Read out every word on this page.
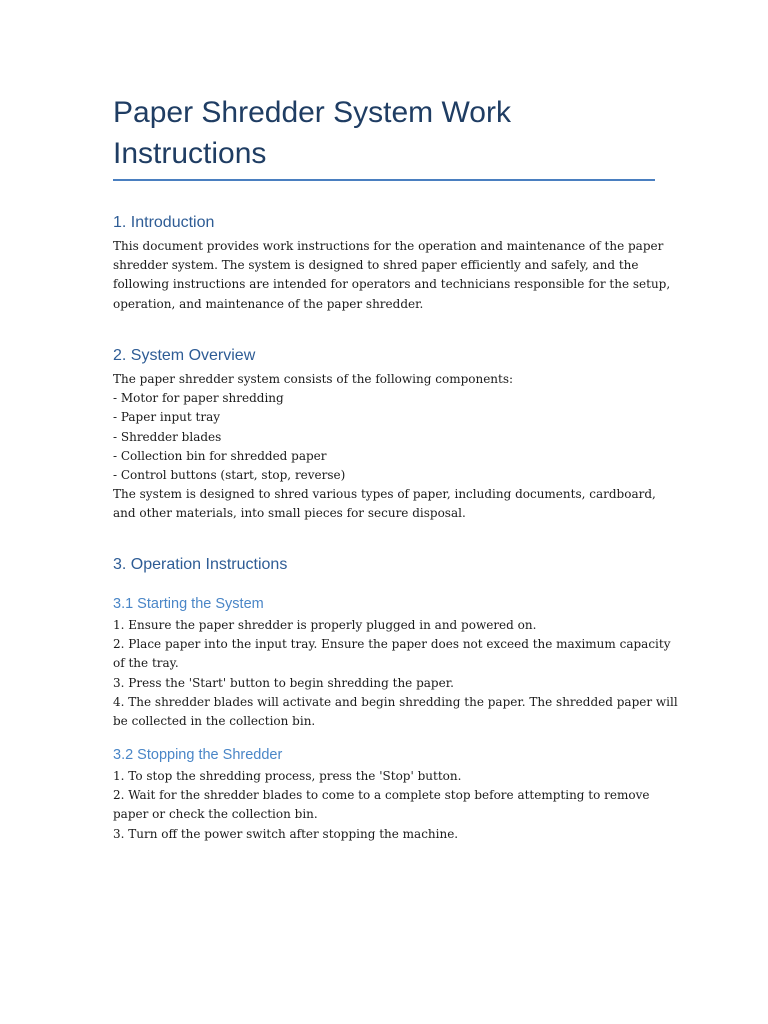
Paper Shredder System Work Instructions
1. Introduction
This document provides work instructions for the operation and maintenance of the paper
shredder system. The system is designed to shred paper efficiently and safely, and the
following instructions are intended for operators and technicians responsible for the setup,
operation, and maintenance of the paper shredder.
2. System Overview
The paper shredder system consists of the following components:
- Motor for paper shredding
- Paper input tray
- Shredder blades
- Collection bin for shredded paper
- Control buttons (start, stop, reverse)
The system is designed to shred various types of paper, including documents, cardboard,
and other materials, into small pieces for secure disposal.
3. Operation Instructions
3.1 Starting the System
1. Ensure the paper shredder is properly plugged in and powered on.
2. Place paper into the input tray. Ensure the paper does not exceed the maximum capacity
of the tray.
3. Press the 'Start' button to begin shredding the paper.
4. The shredder blades will activate and begin shredding the paper. The shredded paper will
be collected in the collection bin.
3.2 Stopping the Shredder
1. To stop the shredding process, press the 'Stop' button.
2. Wait for the shredder blades to come to a complete stop before attempting to remove
paper or check the collection bin.
3. Turn off the power switch after stopping the machine.
